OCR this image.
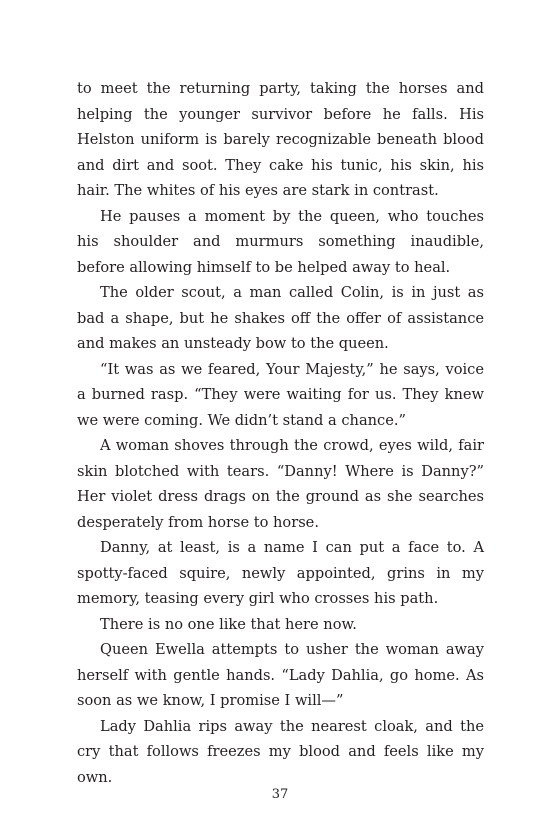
to meet the returning party, taking the horses and helping the younger survivor before he falls. His Helston uniform is barely recognizable beneath blood and dirt and soot. They cake his tunic, his skin, his hair. The whites of his eyes are stark in contrast.

He pauses a moment by the queen, who touches his shoulder and murmurs something inaudible, before allowing himself to be helped away to heal.

The older scout, a man called Colin, is in just as bad a shape, but he shakes off the offer of assistance and makes an unsteady bow to the queen.

“It was as we feared, Your Majesty,” he says, voice a burned rasp. “They were waiting for us. They knew we were coming. We didn’t stand a chance.”

A woman shoves through the crowd, eyes wild, fair skin blotched with tears. “Danny! Where is Danny?” Her violet dress drags on the ground as she searches desperately from horse to horse.

Danny, at least, is a name I can put a face to. A spotty-faced squire, newly appointed, grins in my memory, teasing every girl who crosses his path.

There is no one like that here now.

Queen Ewella attempts to usher the woman away herself with gentle hands. “Lady Dahlia, go home. As soon as we know, I promise I will—”

Lady Dahlia rips away the nearest cloak, and the cry that follows freezes my blood and feels like my own.

37
